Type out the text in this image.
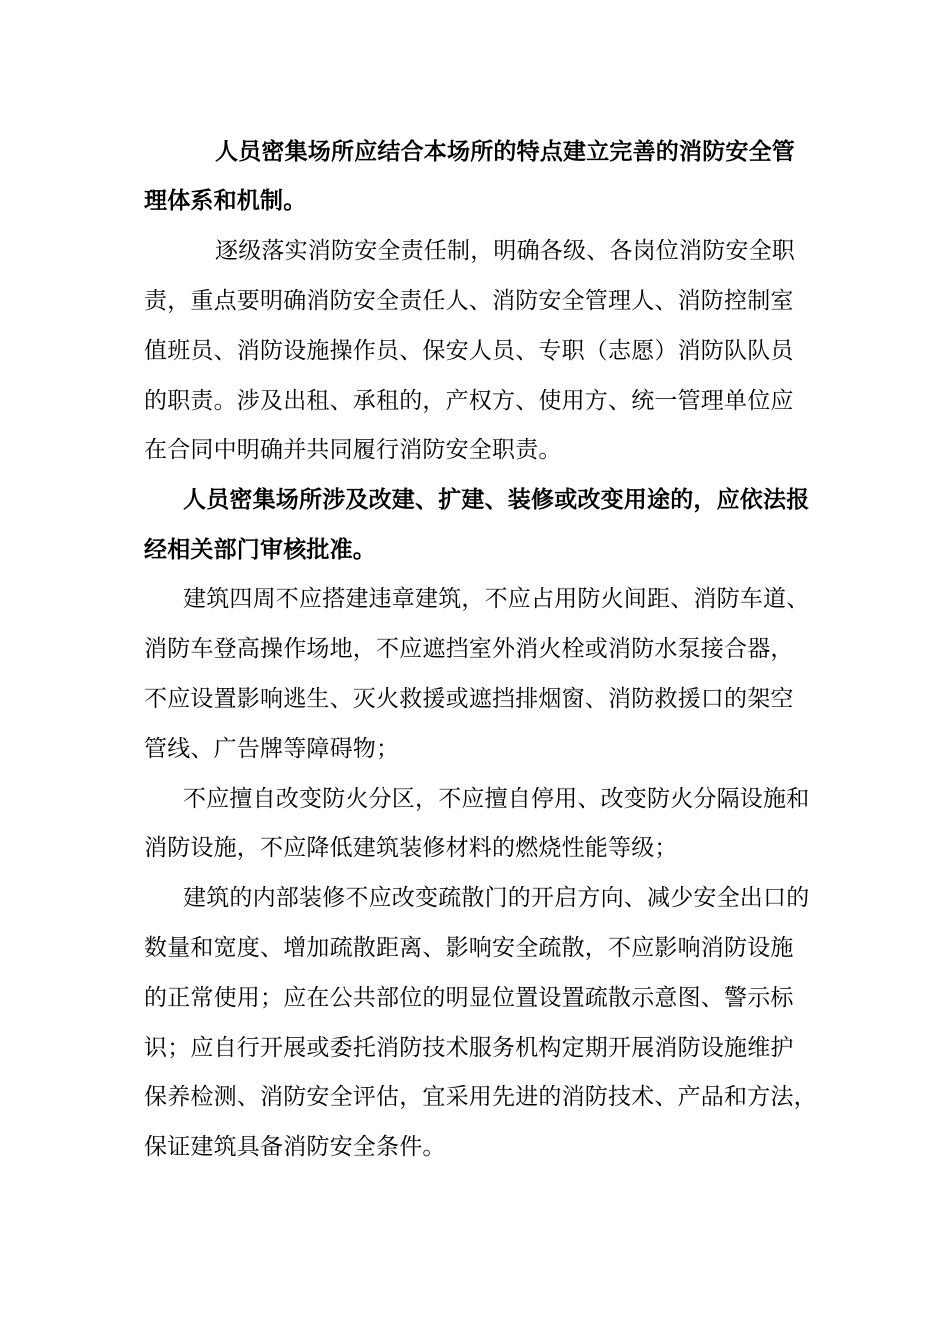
人员密集场所应结合本场所的特点建立完善的消防安全管
理体系和机制。
逐级落实消防安全责任制，明确各级、各岗位消防安全职
责，重点要明确消防安全责任人、消防安全管理人、消防控制室
值班员、消防设施操作员、保安人员、专职（志愿）消防队队员
的职责。涉及出租、承租的，产权方、使用方、统一管理单位应
在合同中明确并共同履行消防安全职责。
人员密集场所涉及改建、扩建、装修或改变用途的，应依法报
经相关部门审核批准。
建筑四周不应搭建违章建筑，不应占用防火间距、消防车道、
消防车登高操作场地，不应遮挡室外消火栓或消防水泵接合器，
不应设置影响逃生、灭火救援或遮挡排烟窗、消防救援口的架空
管线、广告牌等障碍物；
不应擅自改变防火分区，不应擅自停用、改变防火分隔设施和
消防设施，不应降低建筑装修材料的燃烧性能等级；
建筑的内部装修不应改变疏散门的开启方向、减少安全出口的
数量和宽度、增加疏散距离、影响安全疏散，不应影响消防设施
的正常使用；应在公共部位的明显位置设置疏散示意图、警示标
识；应自行开展或委托消防技术服务机构定期开展消防设施维护
保养检测、消防安全评估，宜采用先进的消防技术、产品和方法，
保证建筑具备消防安全条件。
